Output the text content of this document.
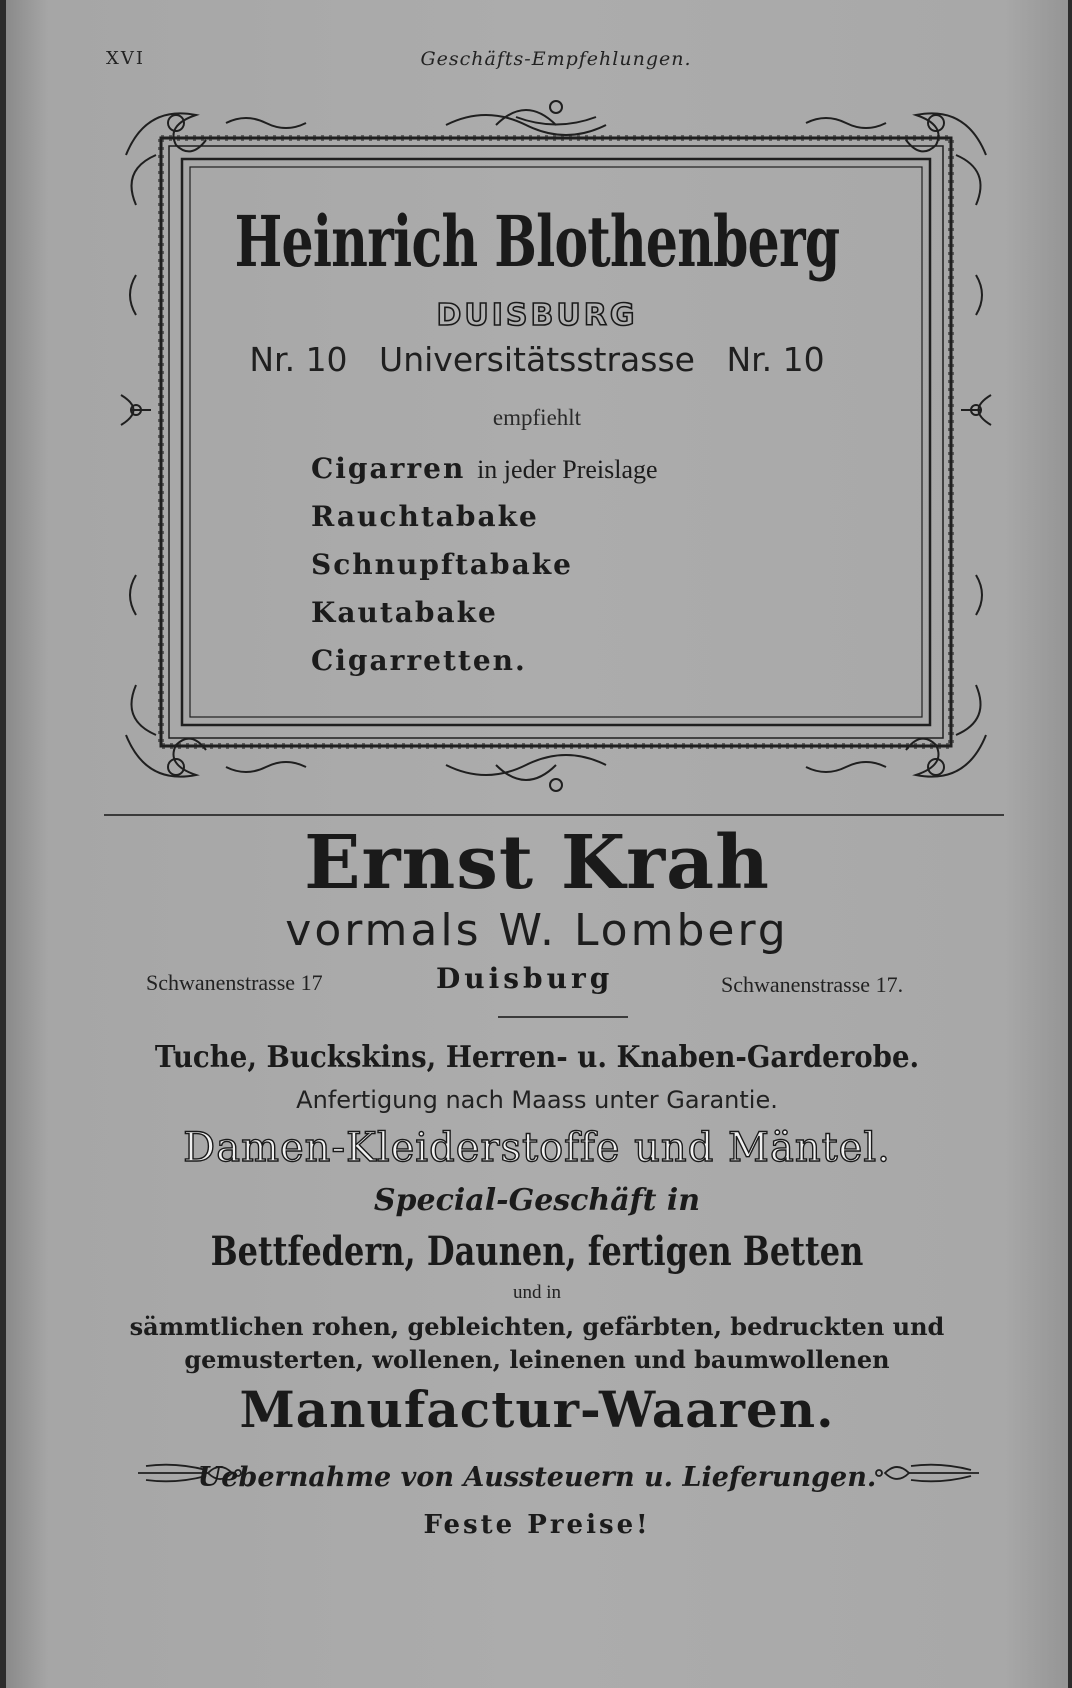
XVI	Geschäfts-Empfehlungen.
Heinrich Blothenberg
DUISBURG
Nr. 10 Universitätsstrasse Nr. 10
empfiehlt
Cigarren in jeder Preislage
Rauchtabake
Schnupftabake
Kautabake
Cigarretten.
Ernst Krah
vormals W. Lomberg
Schwanenstrasse 17	Duisburg	Schwanenstrasse 17.
Tuche, Buckskins, Herren- u. Knaben-Garderobe.
Anfertigung nach Maass unter Garantie.
Damen-Kleiderstoffe und Mäntel.
Special-Geschäft in
Bettfedern, Daunen, fertigen Betten
und in
sämmtlichen rohen, gebleichten, gefärbten, bedruckten und
gemusterten, wollenen, leinenen und baumwollenen
Manufactur-Waaren.
Uebernahme von Aussteuern u. Lieferungen.
Feste Preise!
